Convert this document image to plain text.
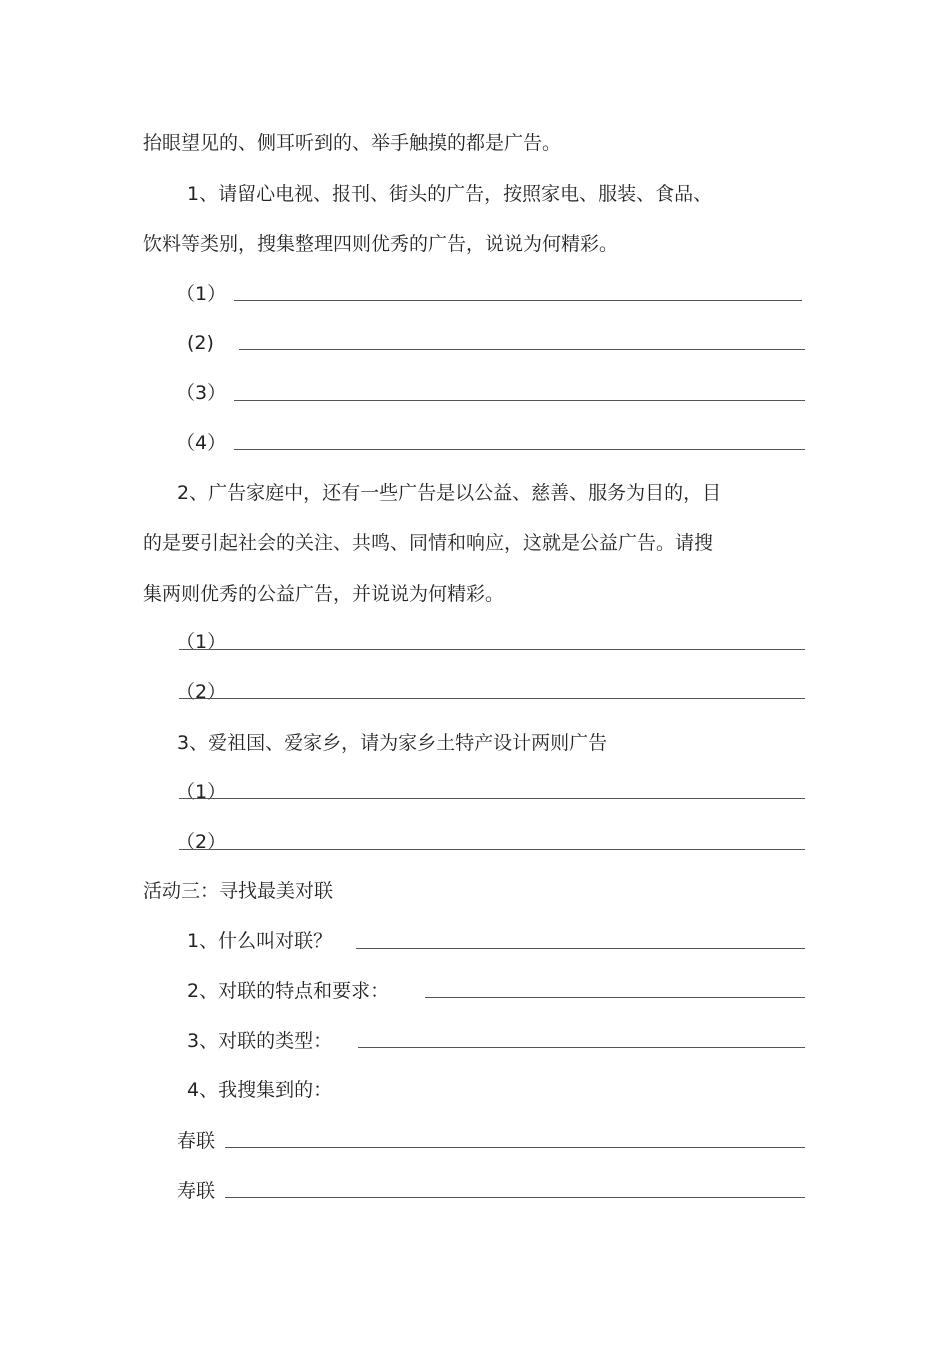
抬眼望见的、侧耳听到的、举手触摸的都是广告。
1、请留心电视、报刊、街头的广告，按照家电、服装、食品、
饮料等类别，搜集整理四则优秀的广告，说说为何精彩。
（1）
(2)
（3）
（4）
2、广告家庭中，还有一些广告是以公益、慈善、服务为目的，目
的是要引起社会的关注、共鸣、同情和响应，这就是公益广告。请搜
集两则优秀的公益广告，并说说为何精彩。
（1）
（2）
3、爱祖国、爱家乡，请为家乡土特产设计两则广告
（1）
（2）
活动三：寻找最美对联
1、什么叫对联？
2、对联的特点和要求：
3、对联的类型：
4、我搜集到的：
春联
寿联
